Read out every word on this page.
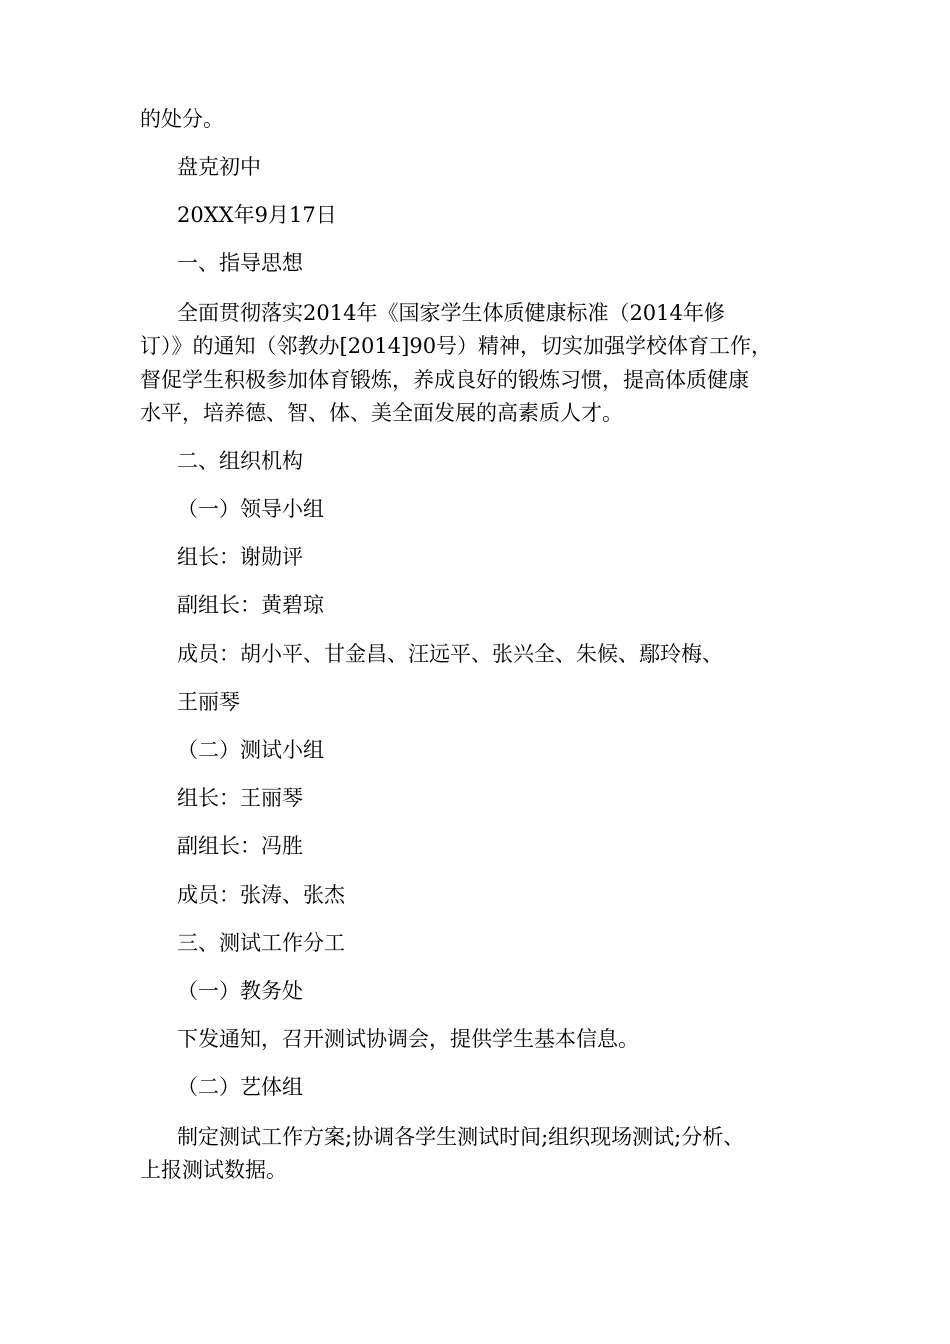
的处分。
盘克初中
20XX年9月17日
一、指导思想
全面贯彻落实2014年《国家学生体质健康标准（2014年修
订）》的通知（邻教办[2014]90号）精神，切实加强学校体育工作，
督促学生积极参加体育锻炼，养成良好的锻炼习惯，提高体质健康
水平，培养德、智、体、美全面发展的高素质人才。
二、组织机构
（一）领导小组
组长：谢勋评
副组长：黄碧琼
成员：胡小平、甘金昌、汪远平、张兴全、朱候、鄢玲梅、
王丽琴
（二）测试小组
组长：王丽琴
副组长：冯胜
成员：张涛、张杰
三、测试工作分工
（一）教务处
下发通知，召开测试协调会，提供学生基本信息。
（二）艺体组
制定测试工作方案;协调各学生测试时间;组织现场测试;分析、
上报测试数据。
